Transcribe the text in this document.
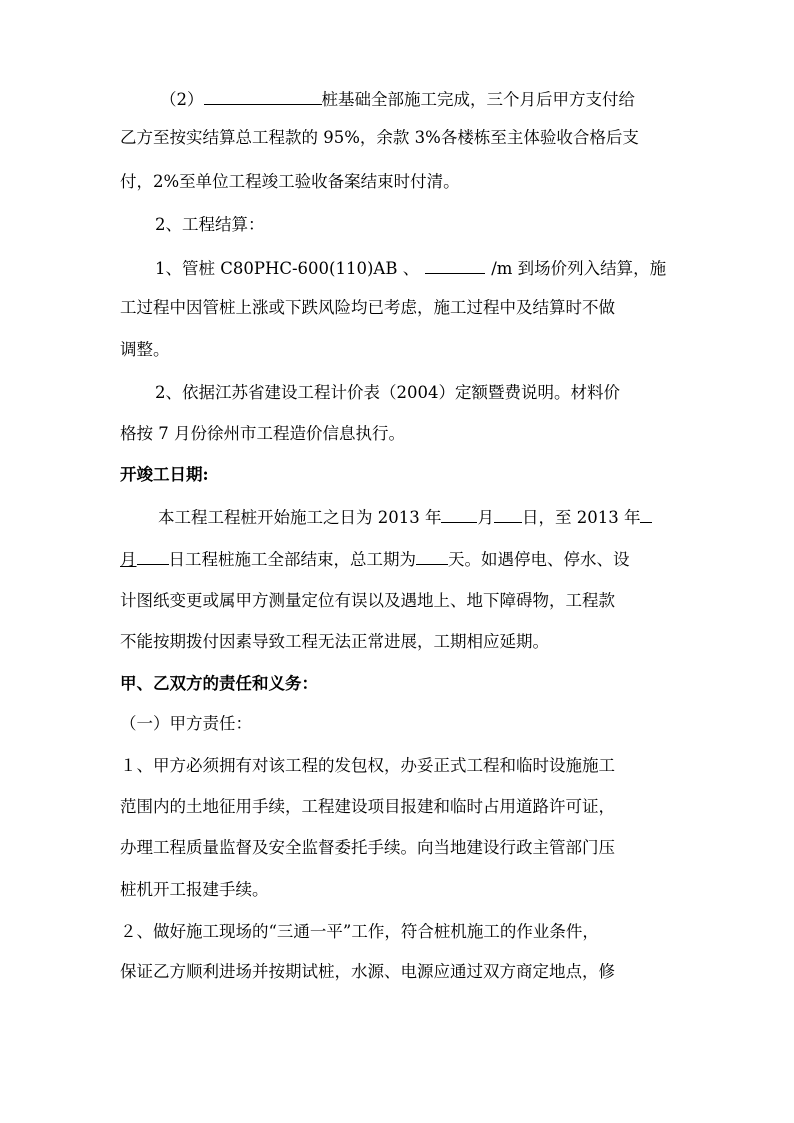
（2）	桩基础全部施工完成，三个月后甲方支付给
乙方至按实结算总工程款的 95%，余款 3%各楼栋至主体验收合格后支
付，2%至单位工程竣工验收备案结束时付清。
2、工程结算：
1、管桩 C80PHC-600(110)AB 、	/m 到场价列入结算，施
工过程中因管桩上涨或下跌风险均已考虑，施工过程中及结算时不做
调整。
2、依据江苏省建设工程计价表（2004）定额暨费说明。材料价
格按 7 月份徐州市工程造价信息执行。
开竣工日期:
本工程工程桩开始施工之日为 2013 年 月 日，至 2013 年
月 日工程桩施工全部结束，总工期为 天。如遇停电、停水、设
计图纸变更或属甲方测量定位有误以及遇地上、地下障碍物，工程款
不能按期拨付因素导致工程无法正常进展，工期相应延期。
甲、乙双方的责任和义务：
（一）甲方责任：
１、甲方必须拥有对该工程的发包权，办妥正式工程和临时设施施工
范围内的土地征用手续，工程建设项目报建和临时占用道路许可证，
办理工程质量监督及安全监督委托手续。向当地建设行政主管部门压
桩机开工报建手续。
２、做好施工现场的“三通一平”工作，符合桩机施工的作业条件，
保证乙方顺利进场并按期试桩，水源、电源应通过双方商定地点，修
